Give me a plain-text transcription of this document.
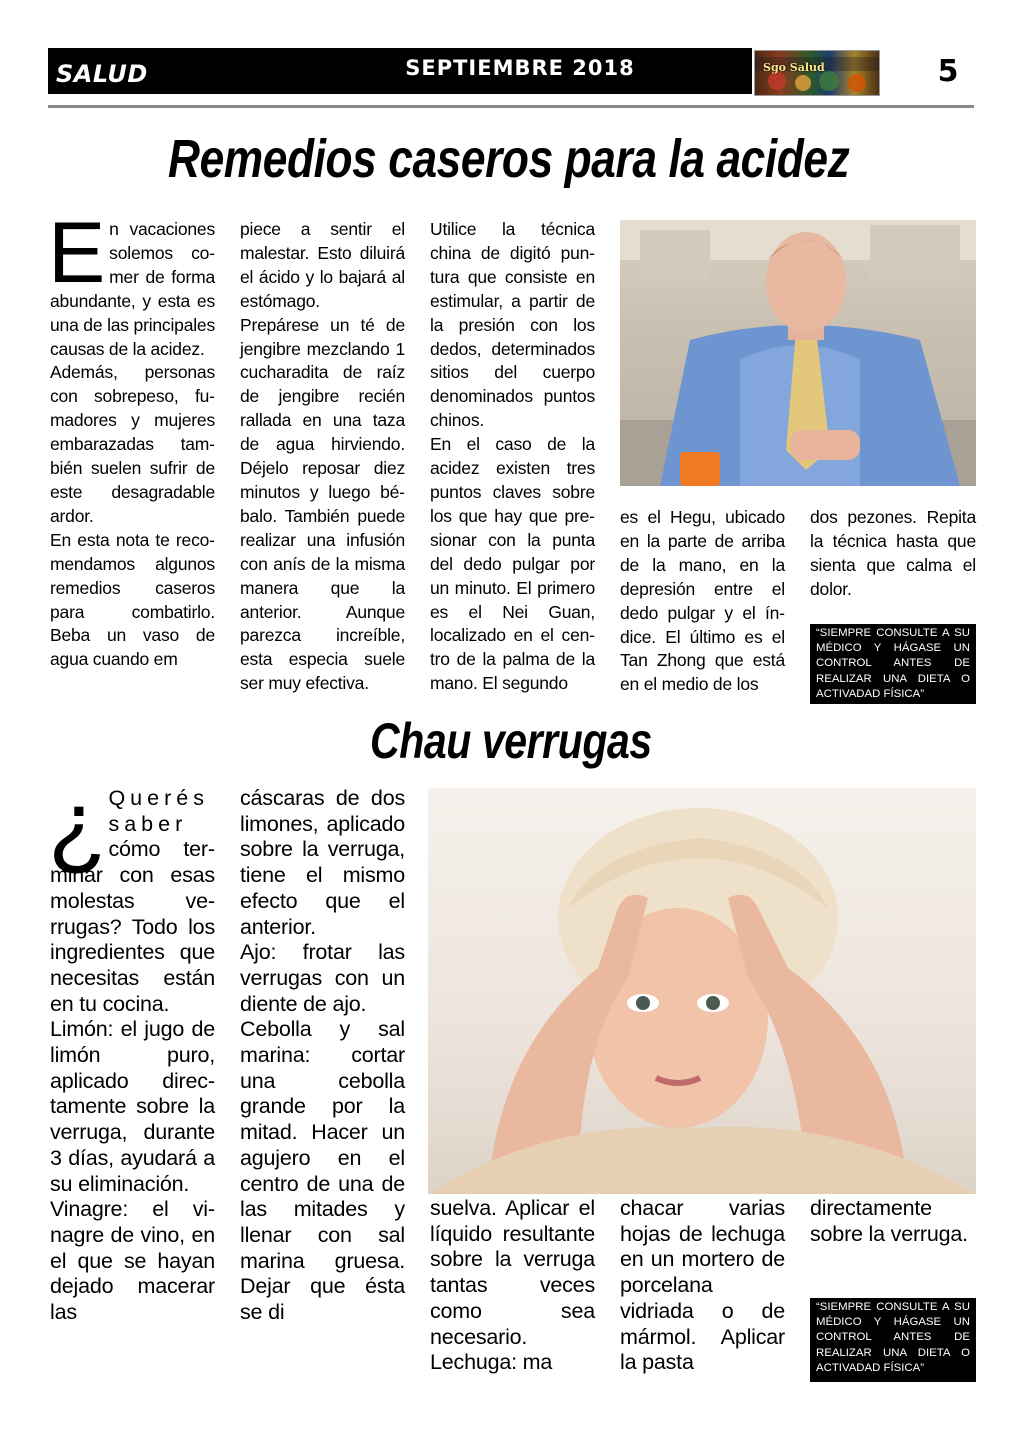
SALUD	SEPTIEMBRE 2018	Sgo Salud	5
Remedios caseros para la acidez

En vacaciones solemos comer de forma abundante, y esta es una de las principales causas de la acidez.

Además, personas con sobrepeso, fumadores y mujeres embarazadas también suelen sufrir de este desagradable ardor.

En esta nota te recomendamos algunos remedios caseros para combatirlo. Beba un vaso de agua cuando em

piece a sentir el malestar. Esto diluirá el ácido y lo bajará al estómago.

Prepárese un té de jengibre mezclando 1 cucharadita de raíz de jengibre recién rallada en una taza de agua hirviendo. Déjelo reposar diez minutos y luego bébalo. También puede realizar una infusión con anís de la misma manera que la anterior. Aunque parezca increíble, esta especia suele ser muy efectiva.

Utilice la técnica china de digitó puntura que consiste en estimular, a partir de la presión con los dedos, determinados sitios del cuerpo denominados puntos chinos.

En el caso de la acidez existen tres puntos claves sobre los que hay que presionar con la punta del dedo pulgar por un minuto. El primero es el Nei Guan, localizado en el centro de la palma de la mano. El segundo

es el Hegu, ubicado en la parte de arriba de la mano, en la depresión entre el dedo pulgar y el índice. El último es el Tan Zhong que está en el medio de los

dos pezones. Repita la técnica hasta que sienta que calma el dolor.

“SIEMPRE CONSULTE A SU MÉDICO Y HÁGASE UN CONTROL ANTES DE REALIZAR UNA DIETA O ACTIVADAD FÍSICA”
Chau verrugas

¿ Querés saber cómo terminar con esas molestas verrugas? Todo los ingredientes que necesitas están en tu cocina.

Limón: el jugo de limón puro, aplicado directamente sobre la verruga, durante 3 días, ayudará a su eliminación.

Vinagre: el vinagre de vino, en el que se hayan dejado macerar las

cáscaras de dos limones, aplicado sobre la verruga, tiene el mismo efecto que el anterior.

Ajo: frotar las verrugas con un diente de ajo.

Cebolla y sal marina: cortar una cebolla grande por la mitad. Hacer un agujero en el centro de una de las mitades y llenar con sal marina gruesa. Dejar que ésta se di

suelva. Aplicar el líquido resultante sobre la verruga tantas veces como sea necesario.

Lechuga: ma

chacar varias hojas de lechuga en un mortero de porcelana vidriada o de mármol. Aplicar la pasta

directamente sobre la verruga.

“SIEMPRE CONSULTE A SU MÉDICO Y HÁGASE UN CONTROL ANTES DE REALIZAR UNA DIETA O ACTIVADAD FÍSICA”
